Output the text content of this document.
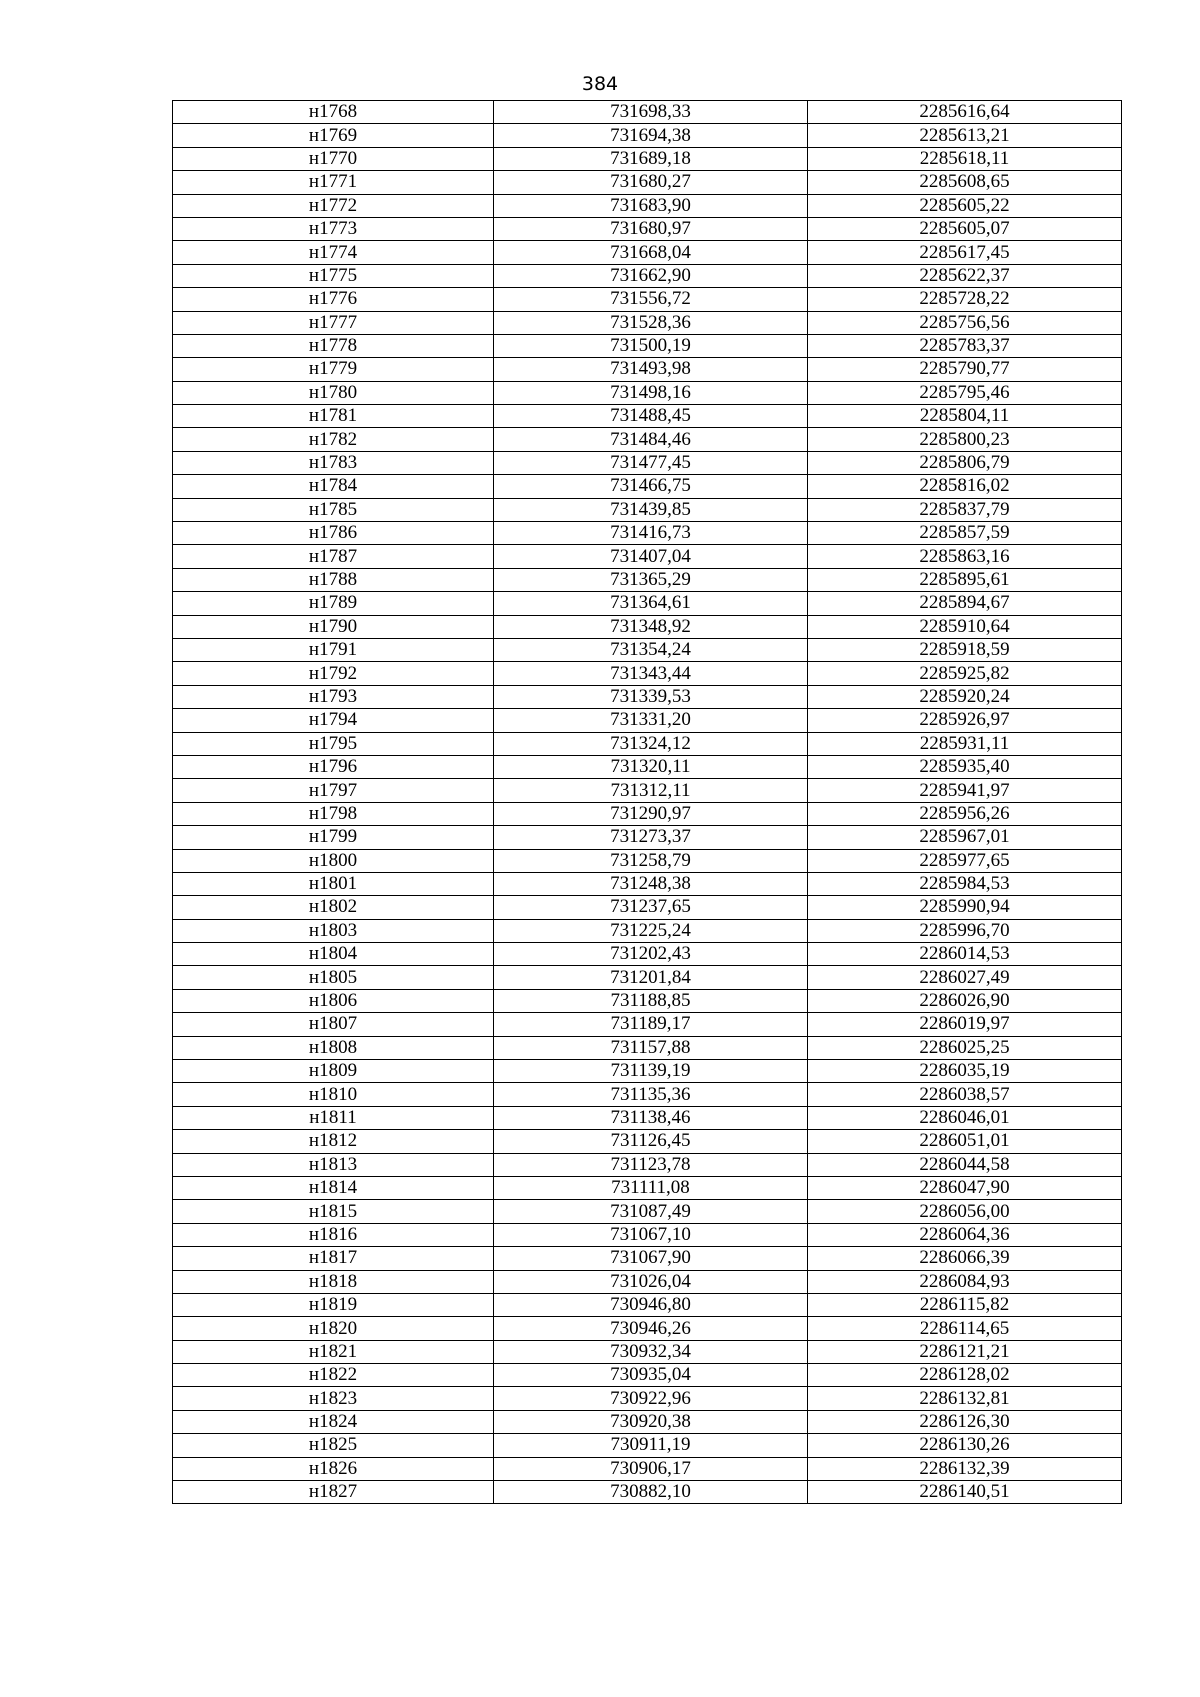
384
н1768	731698,33	2285616,64
н1769	731694,38	2285613,21
н1770	731689,18	2285618,11
н1771	731680,27	2285608,65
н1772	731683,90	2285605,22
н1773	731680,97	2285605,07
н1774	731668,04	2285617,45
н1775	731662,90	2285622,37
н1776	731556,72	2285728,22
н1777	731528,36	2285756,56
н1778	731500,19	2285783,37
н1779	731493,98	2285790,77
н1780	731498,16	2285795,46
н1781	731488,45	2285804,11
н1782	731484,46	2285800,23
н1783	731477,45	2285806,79
н1784	731466,75	2285816,02
н1785	731439,85	2285837,79
н1786	731416,73	2285857,59
н1787	731407,04	2285863,16
н1788	731365,29	2285895,61
н1789	731364,61	2285894,67
н1790	731348,92	2285910,64
н1791	731354,24	2285918,59
н1792	731343,44	2285925,82
н1793	731339,53	2285920,24
н1794	731331,20	2285926,97
н1795	731324,12	2285931,11
н1796	731320,11	2285935,40
н1797	731312,11	2285941,97
н1798	731290,97	2285956,26
н1799	731273,37	2285967,01
н1800	731258,79	2285977,65
н1801	731248,38	2285984,53
н1802	731237,65	2285990,94
н1803	731225,24	2285996,70
н1804	731202,43	2286014,53
н1805	731201,84	2286027,49
н1806	731188,85	2286026,90
н1807	731189,17	2286019,97
н1808	731157,88	2286025,25
н1809	731139,19	2286035,19
н1810	731135,36	2286038,57
н1811	731138,46	2286046,01
н1812	731126,45	2286051,01
н1813	731123,78	2286044,58
н1814	731111,08	2286047,90
н1815	731087,49	2286056,00
н1816	731067,10	2286064,36
н1817	731067,90	2286066,39
н1818	731026,04	2286084,93
н1819	730946,80	2286115,82
н1820	730946,26	2286114,65
н1821	730932,34	2286121,21
н1822	730935,04	2286128,02
н1823	730922,96	2286132,81
н1824	730920,38	2286126,30
н1825	730911,19	2286130,26
н1826	730906,17	2286132,39
н1827	730882,10	2286140,51
